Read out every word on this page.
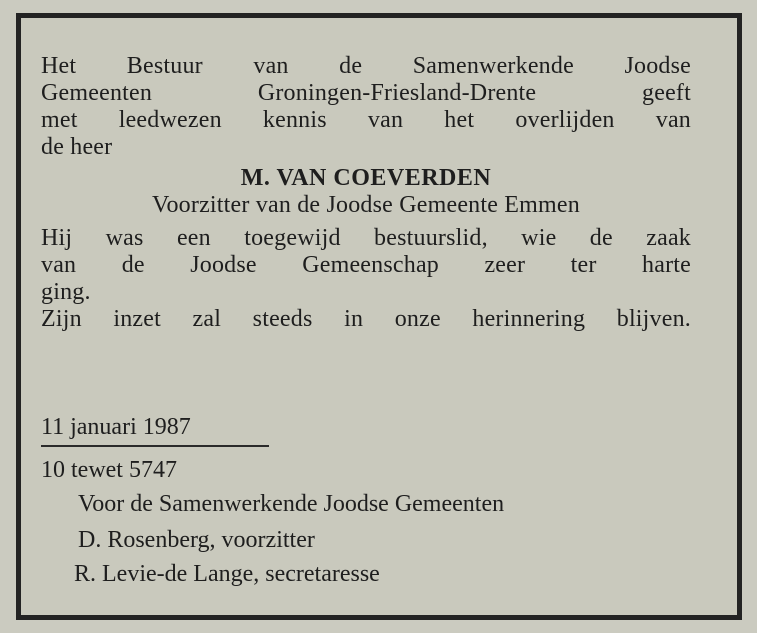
Het Bestuur van de Samenwerkende Joodse
Gemeenten Groningen-Friesland-Drente geeft
met leedwezen kennis van het overlijden van
de heer

M. VAN COEVERDEN
Voorzitter van de Joodse Gemeente Emmen

Hij was een toegewijd bestuurslid, wie de zaak
van de Joodse Gemeenschap zeer ter harte
ging.

Zijn inzet zal steeds in onze herinnering blijven.

11 januari 1987
10 tewet 5747
Voor de Samenwerkende Joodse Gemeenten
D. Rosenberg, voorzitter
R. Levie-de Lange, secretaresse
